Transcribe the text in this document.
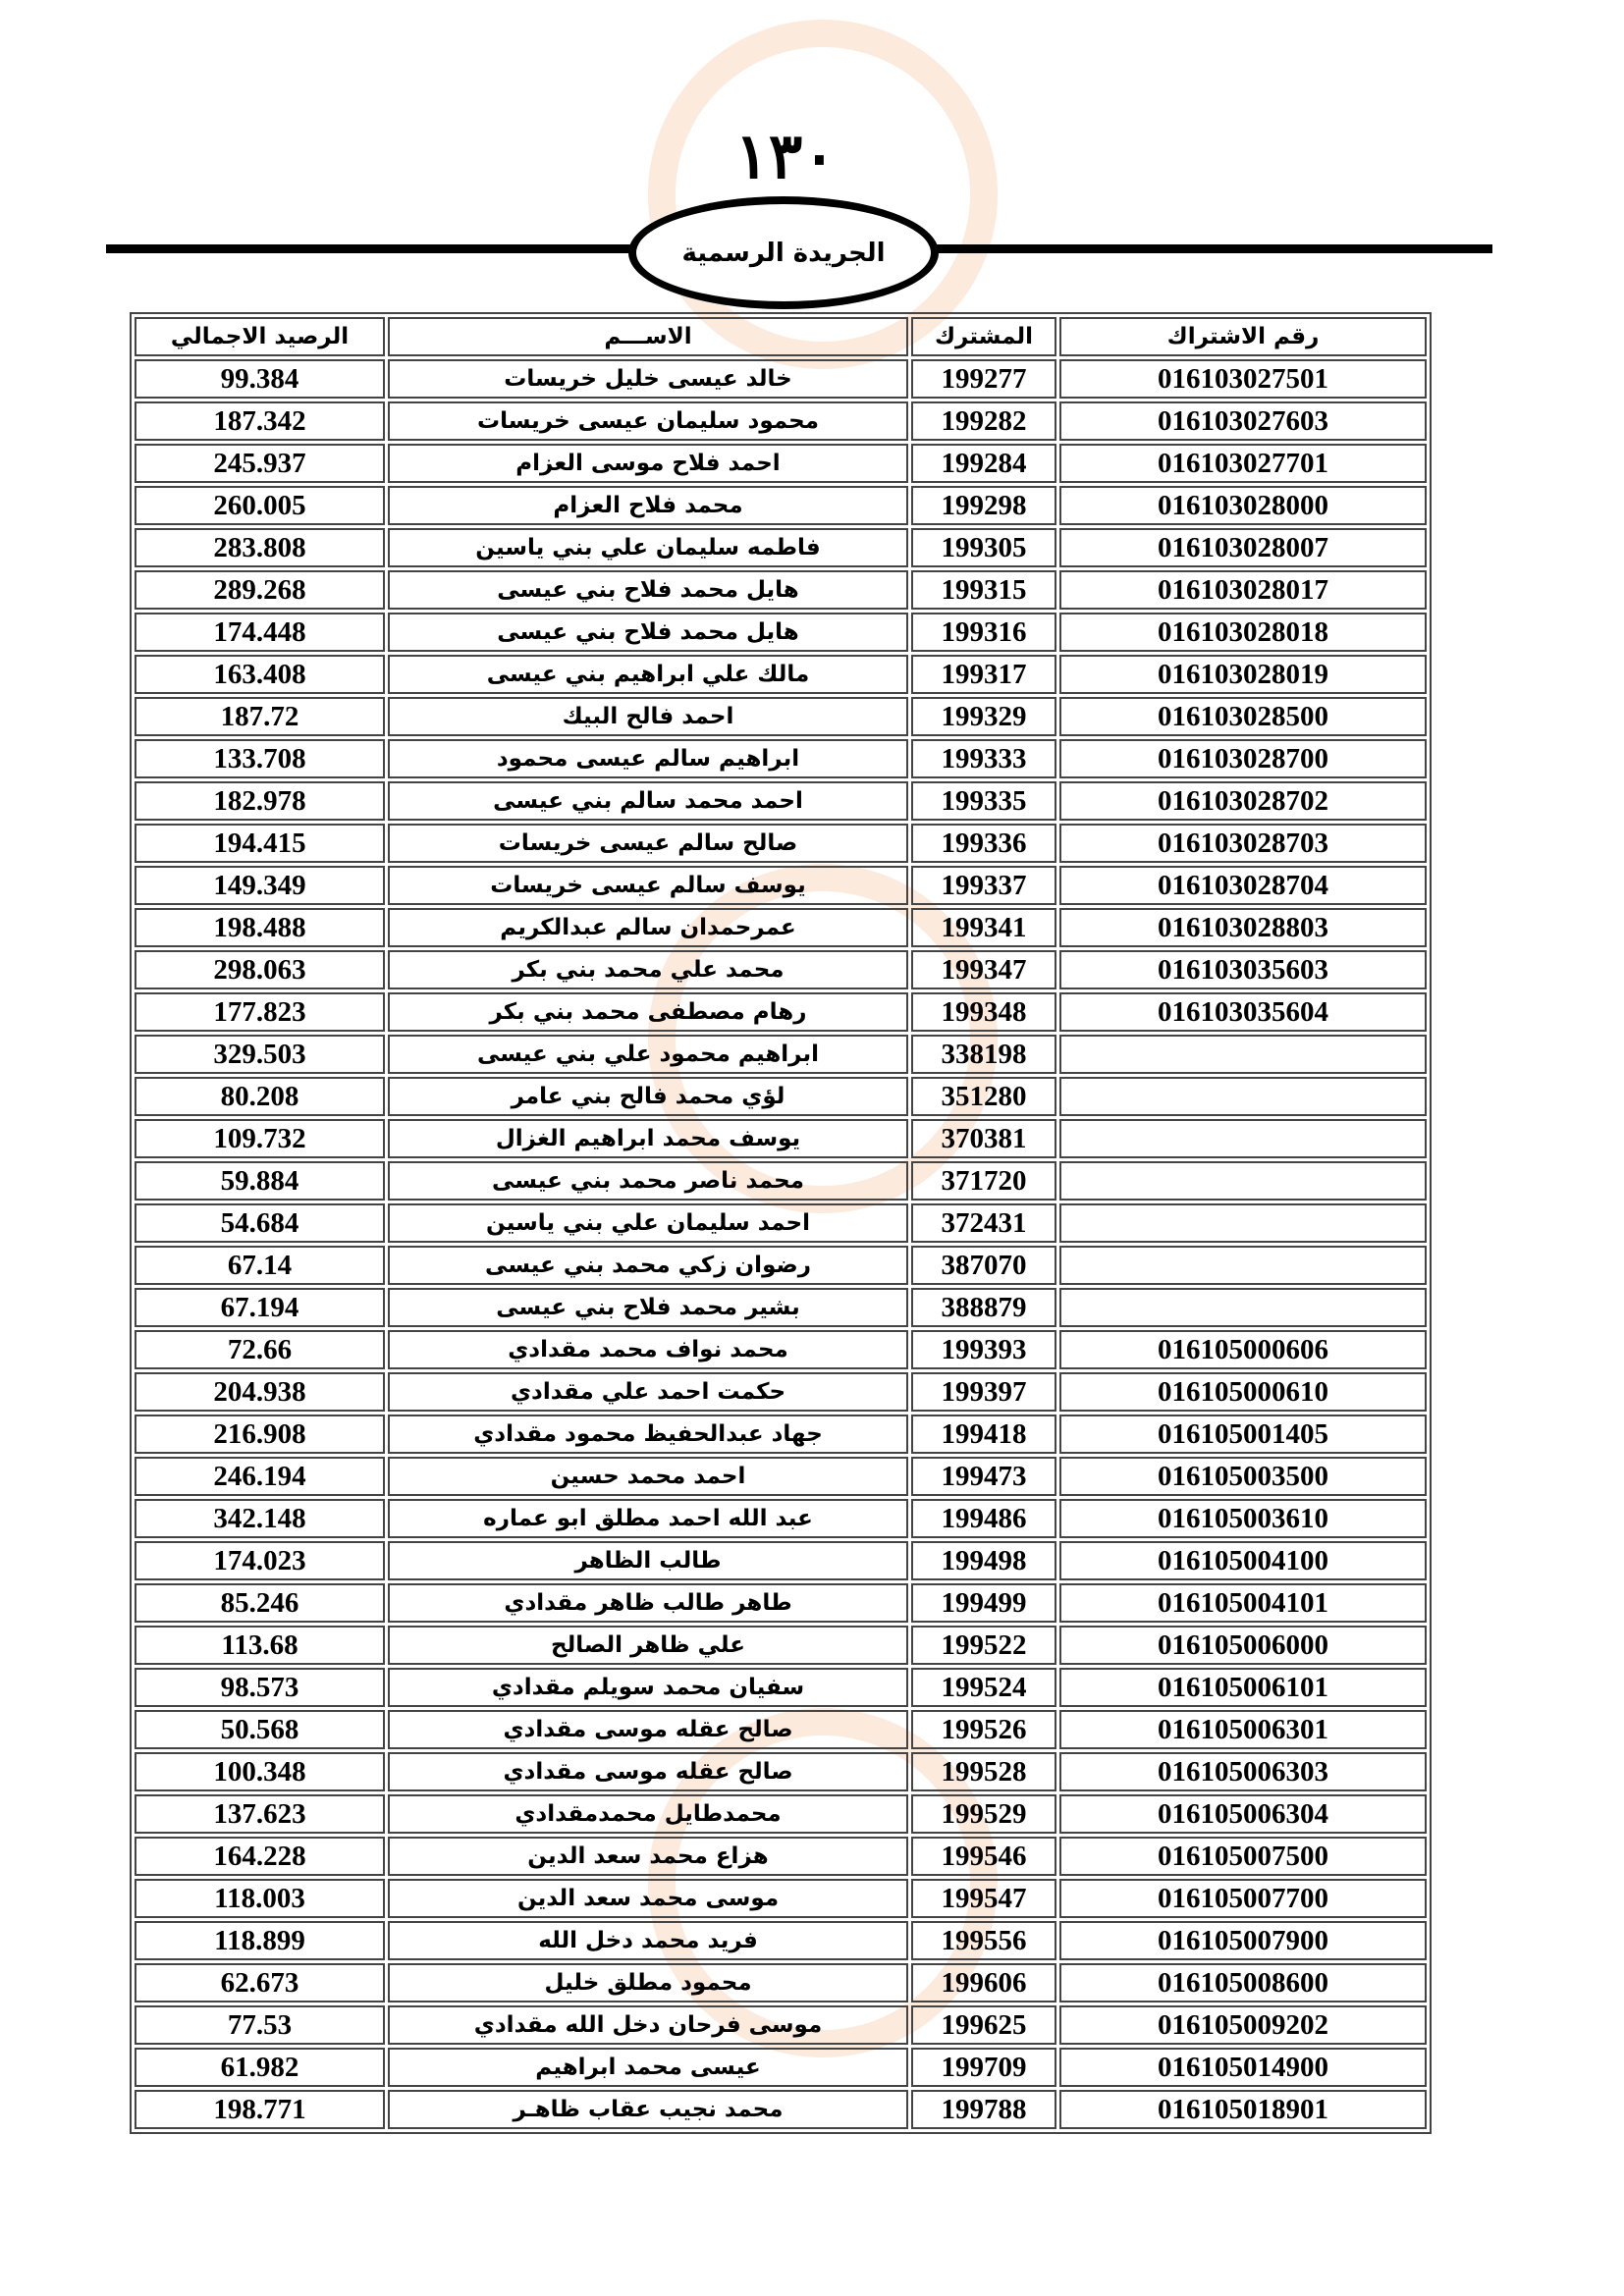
١٣٠
الجريدة الرسمية
رقم الاشتراك	المشترك	الاســـم	الرصيد الاجمالي
016103027501	199277	خالد عيسى خليل خريسات	99.384
016103027603	199282	محمود سليمان عيسى خريسات	187.342
016103027701	199284	احمد فلاح موسى العزام	245.937
016103028000	199298	محمد فلاح العزام	260.005
016103028007	199305	فاطمه سليمان علي بني ياسين	283.808
016103028017	199315	هايل محمد فلاح بني عيسى	289.268
016103028018	199316	هايل محمد فلاح بني عيسى	174.448
016103028019	199317	مالك علي ابراهيم بني عيسى	163.408
016103028500	199329	احمد فالح البيك	187.72
016103028700	199333	ابراهيم سالم عيسى محمود	133.708
016103028702	199335	احمد محمد سالم بني عيسى	182.978
016103028703	199336	صالح سالم عيسى خريسات	194.415
016103028704	199337	يوسف سالم عيسى خريسات	149.349
016103028803	199341	عمرحمدان سالم عبدالكريم	198.488
016103035603	199347	محمد علي محمد بني بكر	298.063
016103035604	199348	رهام مصطفى محمد بني بكر	177.823
	338198	ابراهيم محمود علي بني عيسى	329.503
	351280	لؤي محمد فالح بني عامر	80.208
	370381	يوسف محمد ابراهيم الغزال	109.732
	371720	محمد ناصر محمد بني عيسى	59.884
	372431	احمد سليمان علي بني ياسين	54.684
	387070	رضوان زكي محمد بني عيسى	67.14
	388879	بشير محمد فلاح بني عيسى	67.194
016105000606	199393	محمد نواف محمد مقدادي	72.66
016105000610	199397	حكمت احمد علي مقدادي	204.938
016105001405	199418	جهاد عبدالحفيظ محمود مقدادي	216.908
016105003500	199473	احمد محمد حسين	246.194
016105003610	199486	عبد الله احمد مطلق ابو عماره	342.148
016105004100	199498	طالب الظاهر	174.023
016105004101	199499	طاهر طالب ظاهر مقدادي	85.246
016105006000	199522	علي ظاهر الصالح	113.68
016105006101	199524	سفيان محمد سويلم مقدادي	98.573
016105006301	199526	صالح عقله موسى مقدادي	50.568
016105006303	199528	صالح عقله موسى مقدادي	100.348
016105006304	199529	محمدطايل محمدمقدادي	137.623
016105007500	199546	هزاع محمد سعد الدين	164.228
016105007700	199547	موسى محمد سعد الدين	118.003
016105007900	199556	فريد محمد دخل الله	118.899
016105008600	199606	محمود مطلق خليل	62.673
016105009202	199625	موسى فرحان دخل الله مقدادي	77.53
016105014900	199709	عيسى محمد ابراهيم	61.982
016105018901	199788	محمد نجيب عقاب ظاهـر	198.771
